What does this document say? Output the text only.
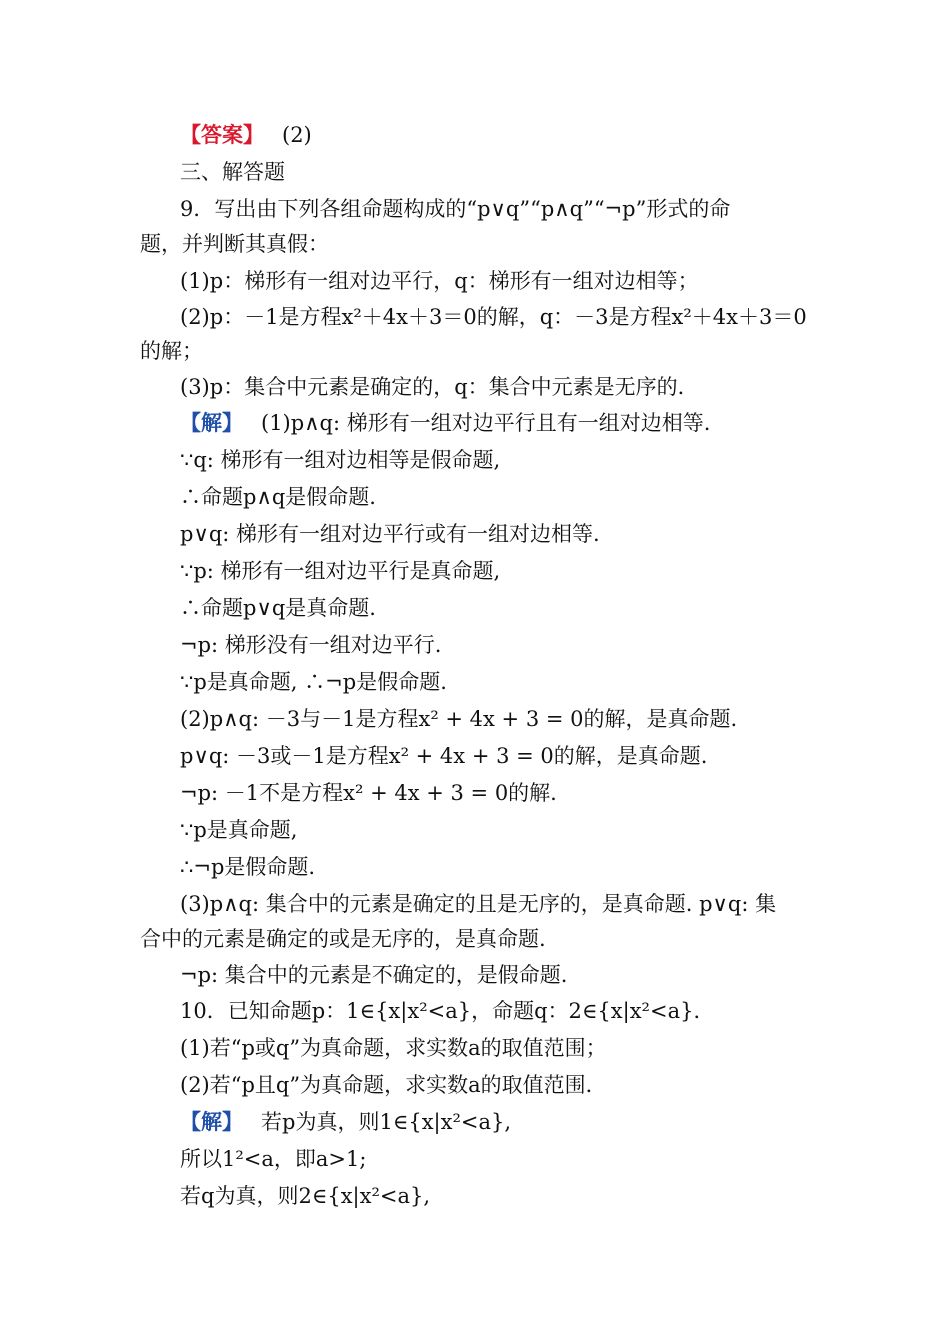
【答案】 (2)
三、解答题
9．写出由下列各组命题构成的“p∨q”“p∧q”“¬p”形式的命
题，并判断其真假：
(1)p：梯形有一组对边平行，q：梯形有一组对边相等；
(2)p：－1是方程x²＋4x＋3＝0的解，q：－3是方程x²＋4x＋3＝0
的解；
(3)p：集合中元素是确定的，q：集合中元素是无序的．
【解】 (1)p∧q: 梯形有一组对边平行且有一组对边相等.
∵q: 梯形有一组对边相等是假命题,
∴命题p∧q是假命题.
p∨q: 梯形有一组对边平行或有一组对边相等.
∵p: 梯形有一组对边平行是真命题,
∴命题p∨q是真命题.
¬p: 梯形没有一组对边平行.
∵p是真命题, ∴¬p是假命题.
(2)p∧q: －3与－1是方程x² + 4x + 3 = 0的解，是真命题.
p∨q: －3或－1是方程x² + 4x + 3 = 0的解，是真命题.
¬p: －1不是方程x² + 4x + 3 = 0的解.
∵p是真命题,
∴¬p是假命题.
(3)p∧q: 集合中的元素是确定的且是无序的，是真命题. p∨q: 集
合中的元素是确定的或是无序的，是真命题.
¬p: 集合中的元素是不确定的，是假命题.
10．已知命题p：1∈{x|x²<a}，命题q：2∈{x|x²<a}．
(1)若“p或q”为真命题，求实数a的取值范围；
(2)若“p且q”为真命题，求实数a的取值范围．
【解】 若p为真，则1∈{x|x²<a},
所以1²<a，即a>1;
若q为真，则2∈{x|x²<a},
